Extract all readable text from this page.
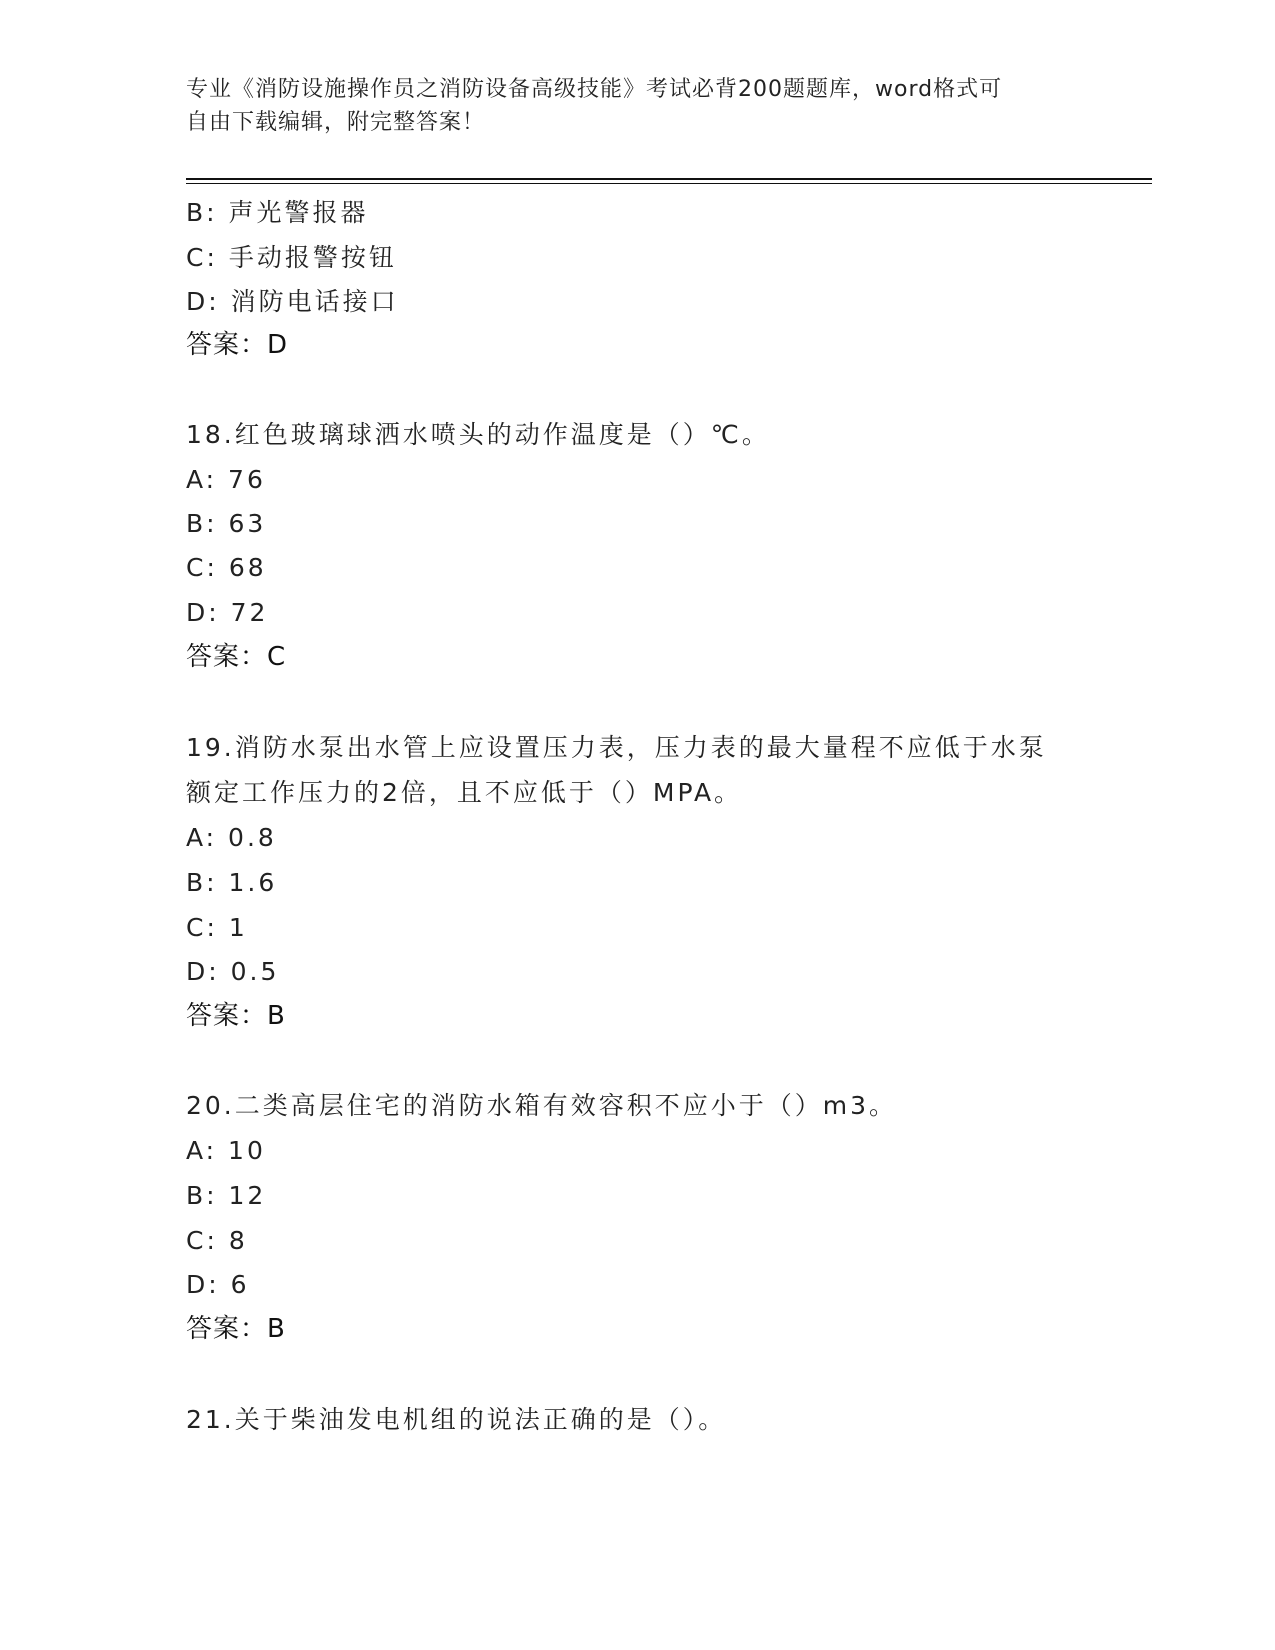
专业《消防设施操作员之消防设备高级技能》考试必背200题题库，word格式可
自由下载编辑，附完整答案！
B: 声光警报器
C: 手动报警按钮
D: 消防电话接口
答案：D
18.红色玻璃球洒水喷头的动作温度是（）℃。
A: 76
B: 63
C: 68
D: 72
答案：C
19.消防水泵出水管上应设置压力表，压力表的最大量程不应低于水泵
额定工作压力的2倍，且不应低于（）MPA。
A: 0.8
B: 1.6
C: 1
D: 0.5
答案：B
20.二类高层住宅的消防水箱有效容积不应小于（）m3。
A: 10
B: 12
C: 8
D: 6
答案：B
21.关于柴油发电机组的说法正确的是（）。
